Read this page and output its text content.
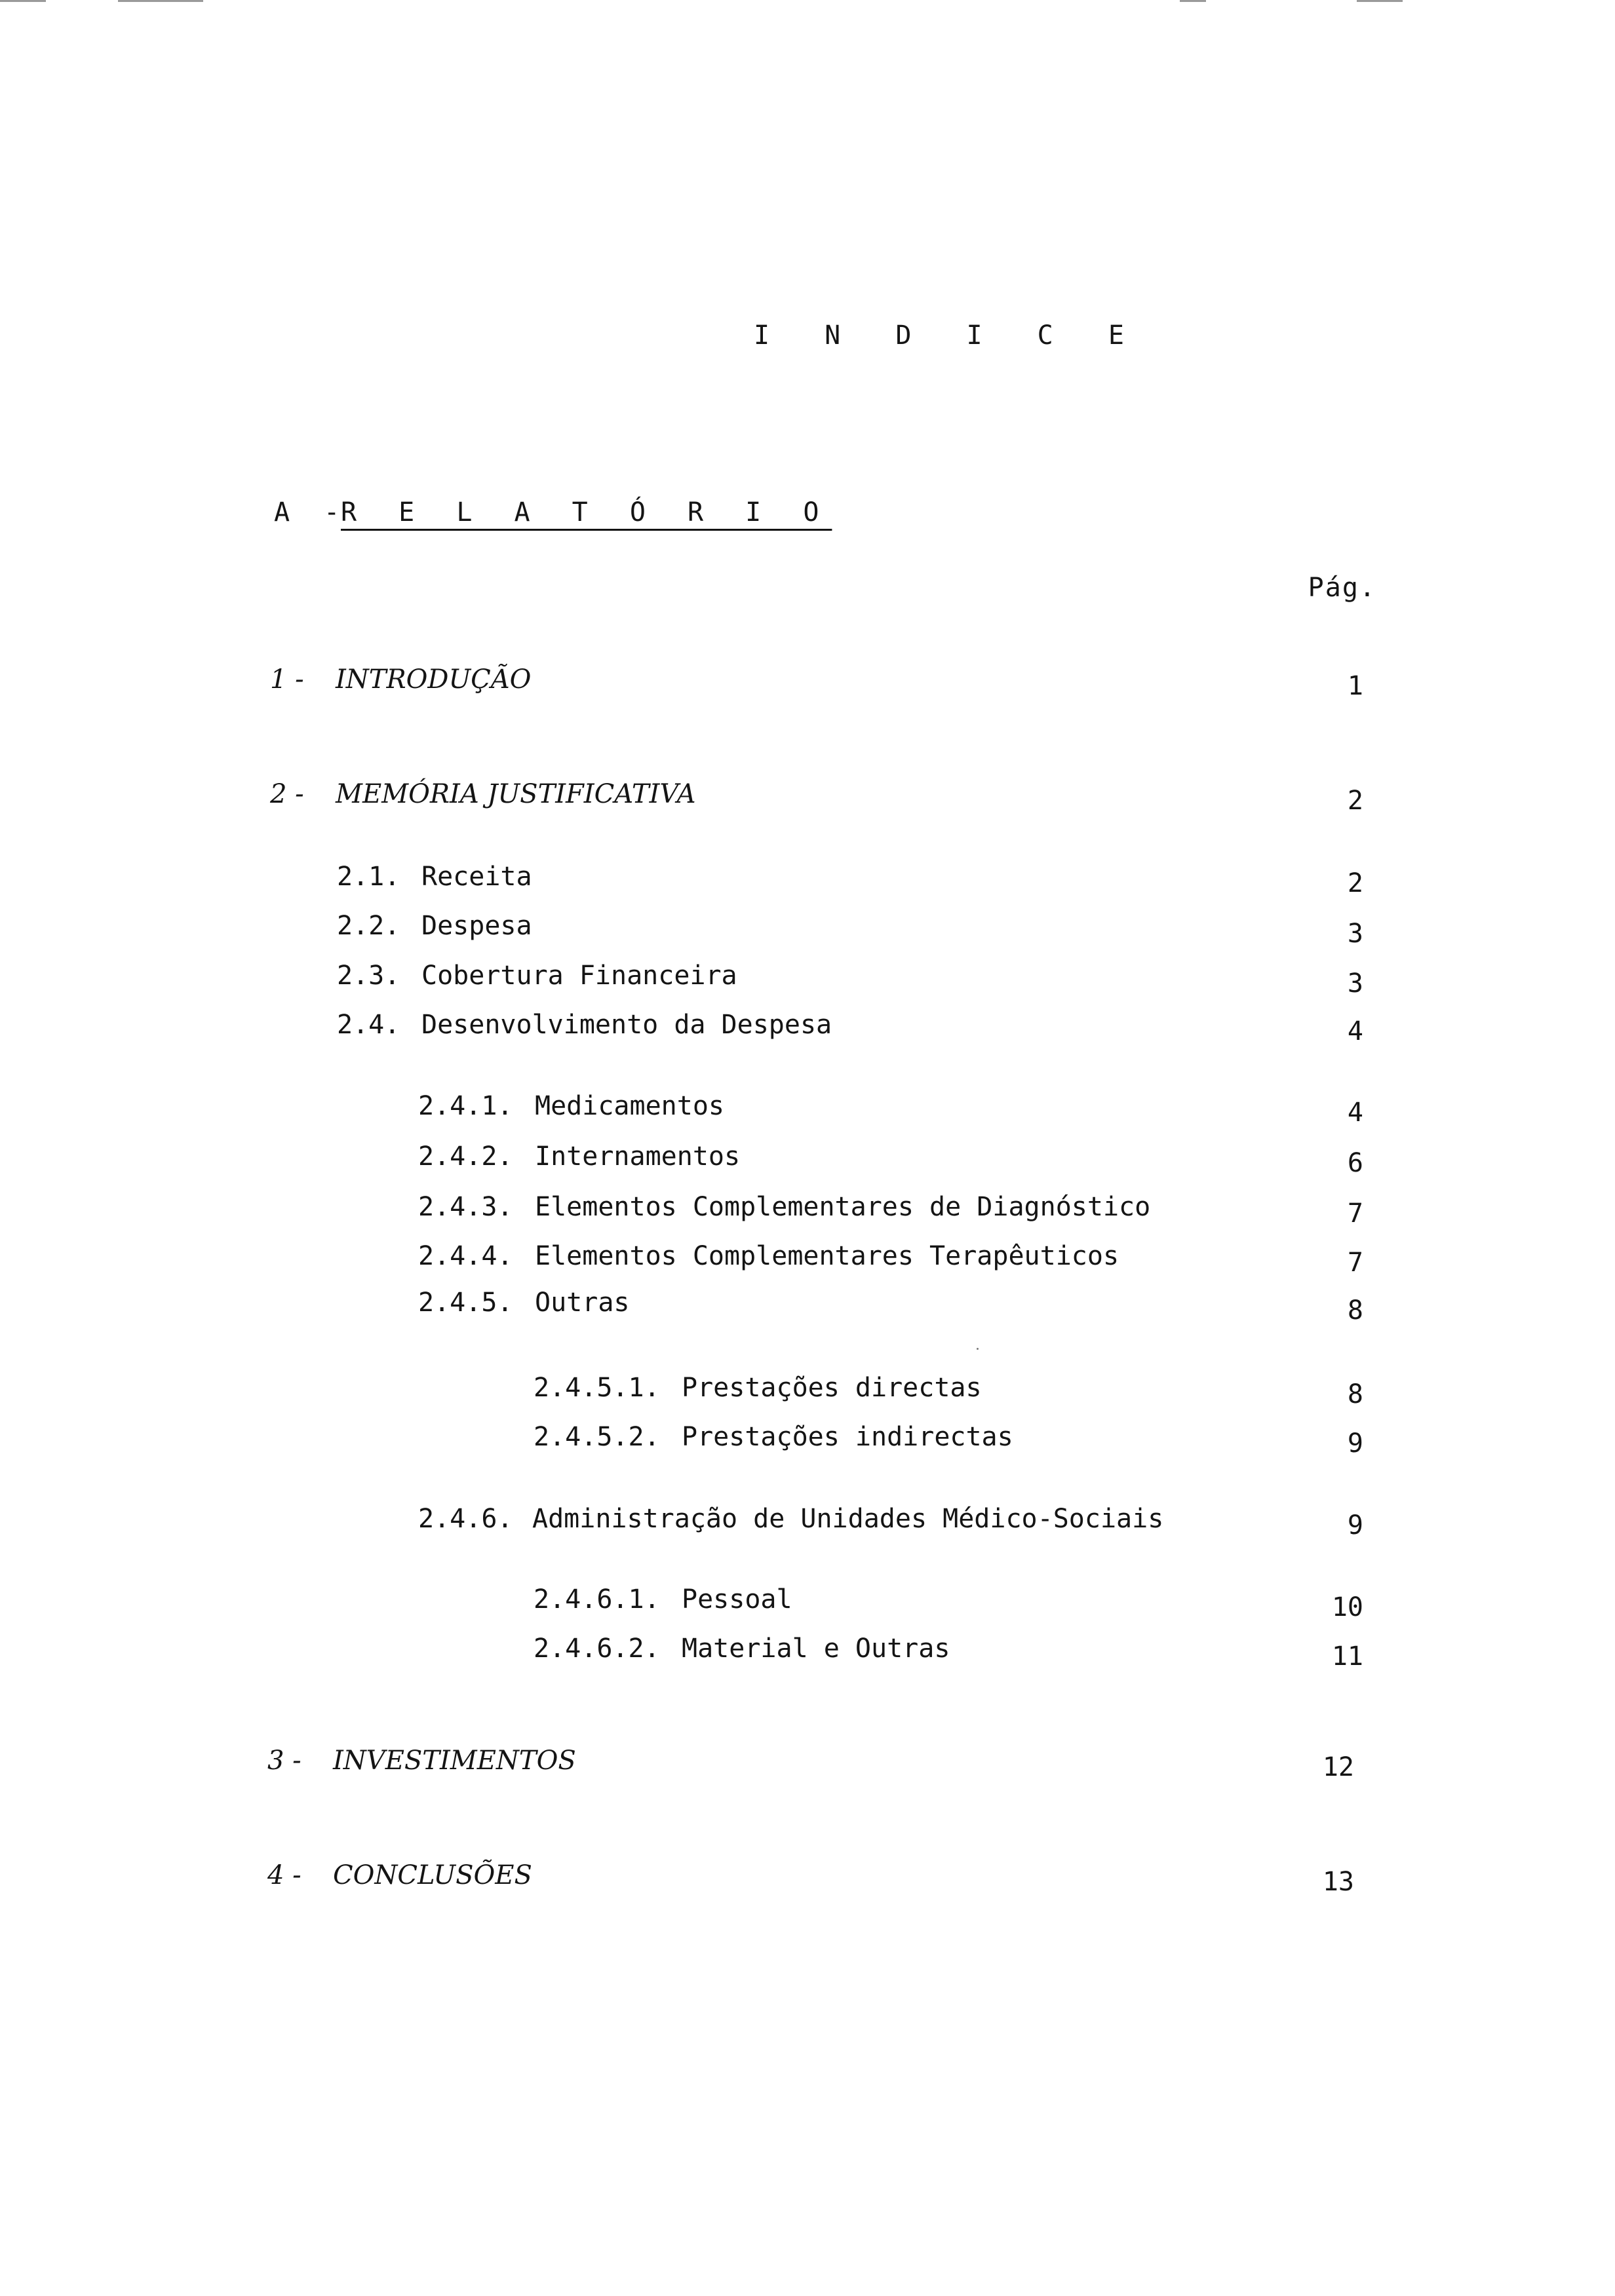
I N D I C E
A -
R E L A T Ó R I O
Pág.
1 - INTRODUÇÃO	1
2 - MEMÓRIA JUSTIFICATIVA	2
2.1. Receita	2
2.2. Despesa	3
2.3. Cobertura Financeira	3
2.4. Desenvolvimento da Despesa	4
2.4.1. Medicamentos	4
2.4.2. Internamentos	6
2.4.3. Elementos Complementares de Diagnóstico	7
2.4.4. Elementos Complementares Terapêuticos	7
2.4.5. Outras	8
2.4.5.1. Prestações directas	8
2.4.5.2. Prestações indirectas	9
2.4.6. Administração de Unidades Médico-Sociais	9
2.4.6.1. Pessoal	10
2.4.6.2. Material e Outras	11
3 - INVESTIMENTOS	12
4 - CONCLUSÕES	13
